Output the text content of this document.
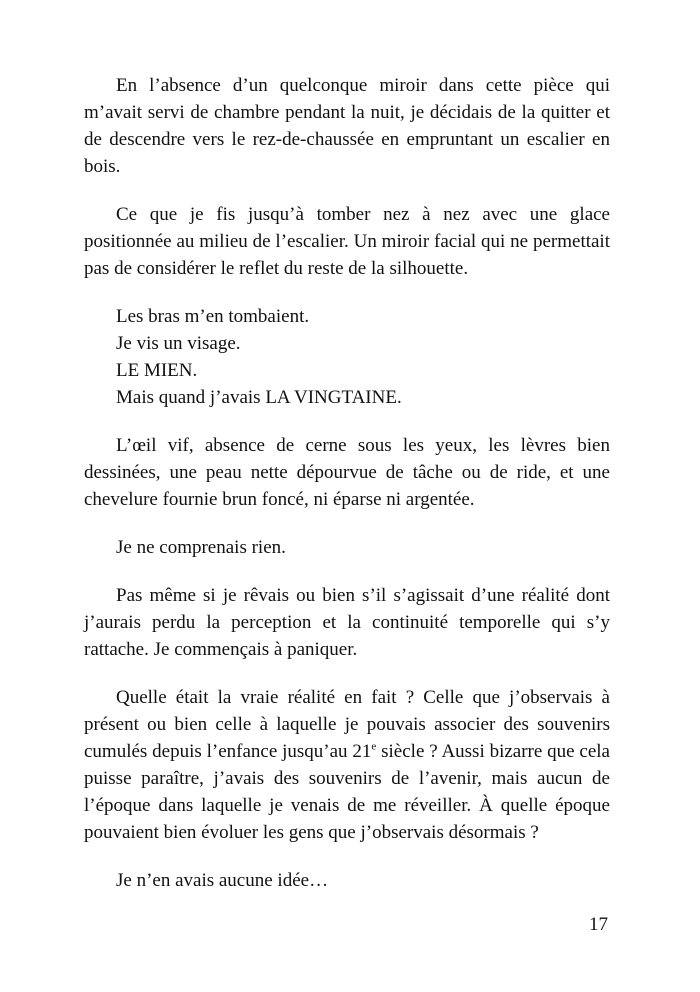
En l’absence d’un quelconque miroir dans cette pièce qui m’avait servi de chambre pendant la nuit, je décidais de la quitter et de descendre vers le rez-de-chaussée en empruntant un escalier en bois.

Ce que je fis jusqu’à tomber nez à nez avec une glace positionnée au milieu de l’escalier. Un miroir facial qui ne permettait pas de considérer le reflet du reste de la silhouette.

Les bras m’en tombaient.
Je vis un visage.
LE MIEN.
Mais quand j’avais LA VINGTAINE.

L’œil vif, absence de cerne sous les yeux, les lèvres bien dessinées, une peau nette dépourvue de tâche ou de ride, et une chevelure fournie brun foncé, ni éparse ni argentée.

Je ne comprenais rien.

Pas même si je rêvais ou bien s’il s’agissait d’une réalité dont j’aurais perdu la perception et la continuité temporelle qui s’y rattache. Je commençais à paniquer.

Quelle était la vraie réalité en fait ? Celle que j’observais à présent ou bien celle à laquelle je pouvais associer des souvenirs cumulés depuis l’enfance jusqu’au 21e siècle ? Aussi bizarre que cela puisse paraître, j’avais des souvenirs de l’avenir, mais aucun de l’époque dans laquelle je venais de me réveiller. À quelle époque pouvaient bien évoluer les gens que j’observais désormais ?

Je n’en avais aucune idée…

17
